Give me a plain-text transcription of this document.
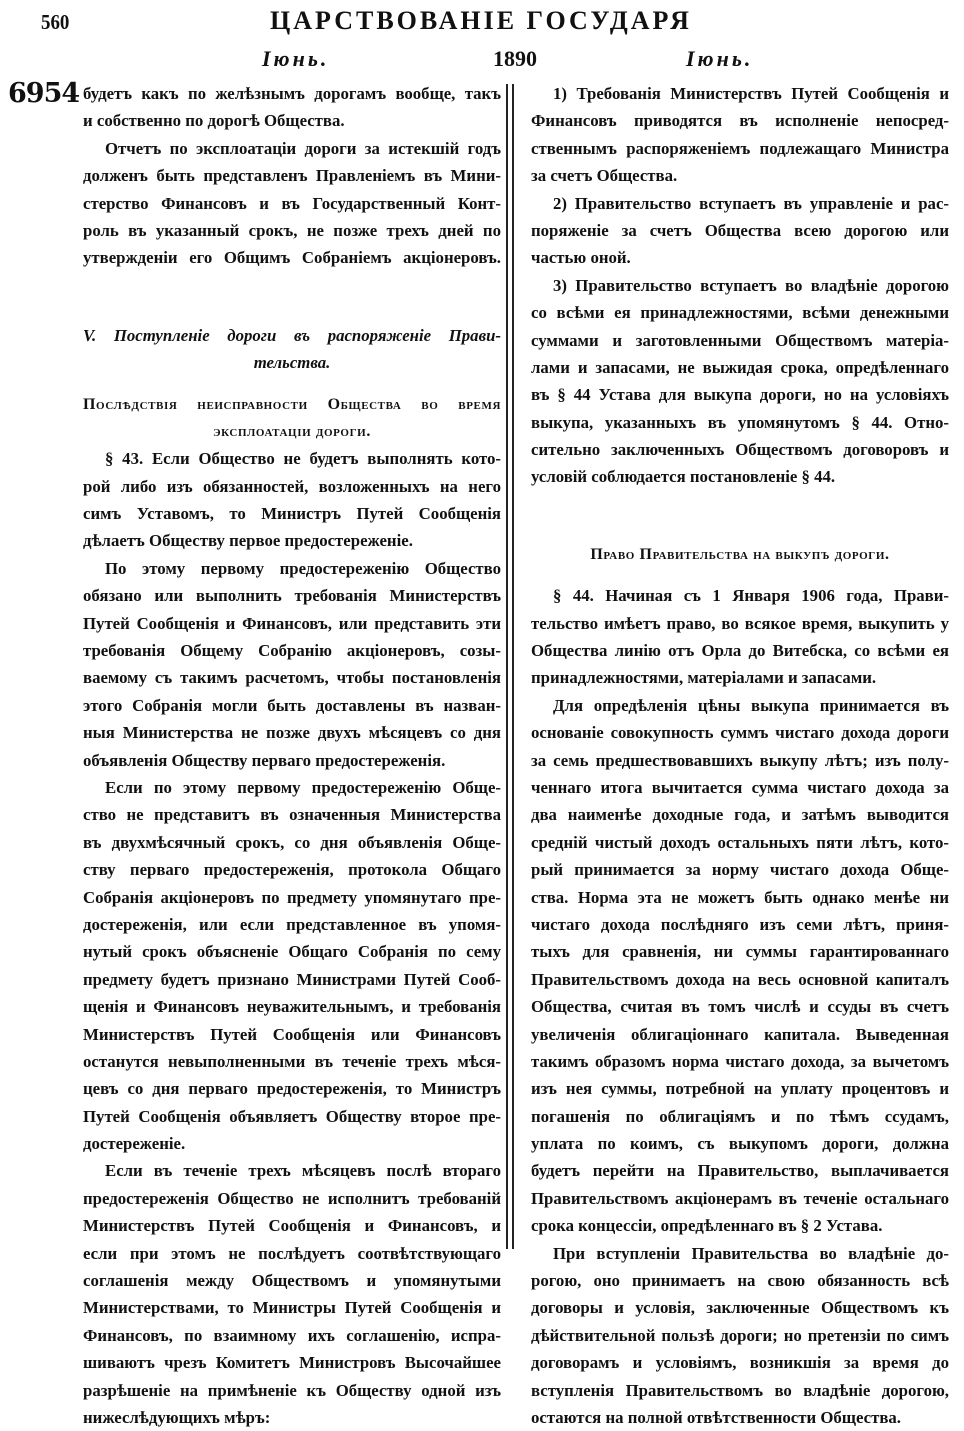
560	ЦАРСТВОВАНІЕ ГОСУДАРЯ
Іюнь.	1890	Іюнь.
6954 будетъ какъ по желѣзнымъ дорогамъ вообще, такъ
и собственно по дорогѣ Общества.
Отчетъ по эксплоатаціи дороги за истекшій годъ
долженъ быть представленъ Правленіемъ въ Мини-
стерство Финансовъ и въ Государственный Конт-
роль въ указанный срокъ, не позже трехъ дней по
утвержденіи его Общимъ Собраніемъ акціонеровъ.
V. Поступленіе дороги въ распоряженіе Прави-
тельства.
Послѣдствія неисправности Общества во время
эксплоатаціи дороги.
§ 43. Если Общество не будетъ выполнять кото-
рой либо изъ обязанностей, возложенныхъ на него
симъ Уставомъ, то Министръ Путей Сообщенія
дѣлаетъ Обществу первое предостереженіе.
По этому первому предостереженію Общество
обязано или выполнить требованія Министерствъ
Путей Сообщенія и Финансовъ, или представить эти
требованія Общему Собранію акціонеровъ, созы-
ваемому съ такимъ расчетомъ, чтобы постановленія
этого Собранія могли быть доставлены въ назван-
ныя Министерства не позже двухъ мѣсяцевъ со дня
объявленія Обществу перваго предостереженія.
Если по этому первому предостереженію Обще-
ство не представитъ въ означенныя Министерства
въ двухмѣсячный срокъ, со дня объявленія Обще-
ству перваго предостереженія, протокола Общаго
Собранія акціонеровъ по предмету упомянутаго пре-
достереженія, или если представленное въ упомя-
нутый срокъ объясненіе Общаго Собранія по сему
предмету будетъ признано Министрами Путей Сооб-
щенія и Финансовъ неуважительнымъ, и требованія
Министерствъ Путей Сообщенія или Финансовъ
останутся невыполненными въ теченіе трехъ мѣся-
цевъ со дня перваго предостереженія, то Министръ
Путей Сообщенія объявляетъ Обществу второе пре-
достереженіе.
Если въ теченіе трехъ мѣсяцевъ послѣ втораго
предостереженія Общество не исполнитъ требованій
Министерствъ Путей Сообщенія и Финансовъ, и
если при этомъ не послѣдуетъ соотвѣтствующаго
соглашенія между Обществомъ и упомянутыми
Министерствами, то Министры Путей Сообщенія и
Финансовъ, по взаимному ихъ соглашенію, испра-
шиваютъ чрезъ Комитетъ Министровъ Высочайшее
разрѣшеніе на примѣненіе къ Обществу одной изъ
нижеслѣдующихъ мѣръ:
1) Требованія Министерствъ Путей Сообщенія и
Финансовъ приводятся въ исполненіе непосред-
ственнымъ распоряженіемъ подлежащаго Министра
за счетъ Общества.
2) Правительство вступаетъ въ управленіе и рас-
поряженіе за счетъ Общества всею дорогою или
частью оной.
3) Правительство вступаетъ во владѣніе дорогою
со всѣми ея принадлежностями, всѣми денежными
суммами и заготовленными Обществомъ матеріа-
лами и запасами, не выжидая срока, опредѣленнаго
въ § 44 Устава для выкупа дороги, но на условіяхъ
выкупа, указанныхъ въ упомянутомъ § 44. Отно-
сительно заключенныхъ Обществомъ договоровъ и
условій соблюдается постановленіе § 44.
Право Правительства на выкупъ дороги.
§ 44. Начиная съ 1 Января 1906 года, Прави-
тельство имѣетъ право, во всякое время, выкупить у
Общества линію отъ Орла до Витебска, со всѣми ея
принадлежностями, матеріалами и запасами.
Для опредѣленія цѣны выкупа принимается въ
основаніе совокупность суммъ чистаго дохода дороги
за семь предшествовавшихъ выкупу лѣтъ; изъ полу-
ченнаго итога вычитается сумма чистаго дохода за
два наименѣе доходные года, и затѣмъ выводится
средній чистый доходъ остальныхъ пяти лѣтъ, кото-
рый принимается за норму чистаго дохода Обще-
ства. Норма эта не можетъ быть однако менѣе ни
чистаго дохода послѣдняго изъ семи лѣтъ, приня-
тыхъ для сравненія, ни суммы гарантированнаго
Правительствомъ дохода на весь основной капиталъ
Общества, считая въ томъ числѣ и ссуды въ счетъ
увеличенія облигаціоннаго капитала. Выведенная
такимъ образомъ норма чистаго дохода, за вычетомъ
изъ нея суммы, потребной на уплату процентовъ и
погашенія по облигаціямъ и по тѣмъ ссудамъ,
уплата по коимъ, съ выкупомъ дороги, должна
будетъ перейти на Правительство, выплачивается
Правительствомъ акціонерамъ въ теченіе остальнаго
срока концессіи, опредѣленнаго въ § 2 Устава.
При вступленіи Правительства во владѣніе до-
рогою, оно принимаетъ на свою обязанность всѣ
договоры и условія, заключенные Обществомъ къ
дѣйствительной пользѣ дороги; но претензіи по симъ
договорамъ и условіямъ, возникшія за время до
вступленія Правительствомъ во владѣніе дорогою,
остаются на полной отвѣтственности Общества.
